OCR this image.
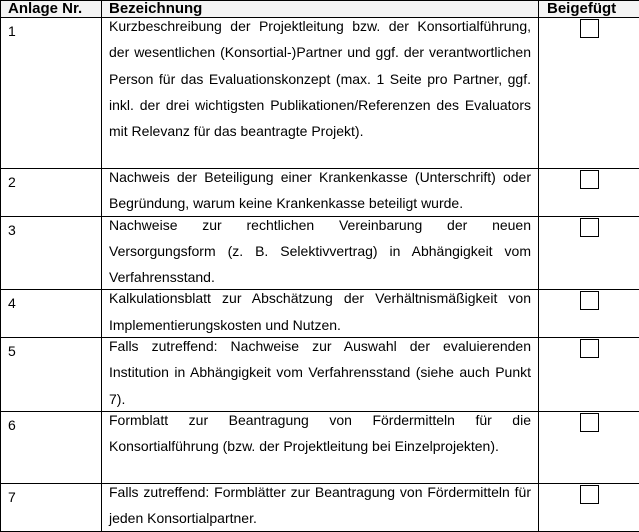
Anlage Nr.	Bezeichnung	Beigefügt
1	Kurzbeschreibung der Projektleitung bzw. der Konsortialführung, der wesentlichen (Konsortial-)Partner und ggf. der verantwortlichen Person für das Evaluationskonzept (max. 1 Seite pro Partner, ggf. inkl. der drei wichtigsten Publikationen/Referenzen des Evaluators mit Relevanz für das beantragte Projekt).	

2	Nachweis der Beteiligung einer Krankenkasse (Unterschrift) oder Begründung, warum keine Krankenkasse beteiligt wurde.	

3	Nachweise zur rechtlichen Vereinbarung der neuen Versorgungsform (z. B. Selektivvertrag) in Abhängigkeit vom Verfahrensstand.	

4	Kalkulationsblatt zur Abschätzung der Verhältnismäßigkeit von Implementierungskosten und Nutzen.	

5	Falls zutreffend: Nachweise zur Auswahl der evaluierenden Institution in Abhängigkeit vom Verfahrensstand (siehe auch Punkt 7).	

6	Formblatt zur Beantragung von Fördermitteln für die Konsortialführung (bzw. der Projektleitung bei Einzelprojekten).	

7	Falls zutreffend: Formblätter zur Beantragung von Fördermitteln für jeden Konsortialpartner.	
